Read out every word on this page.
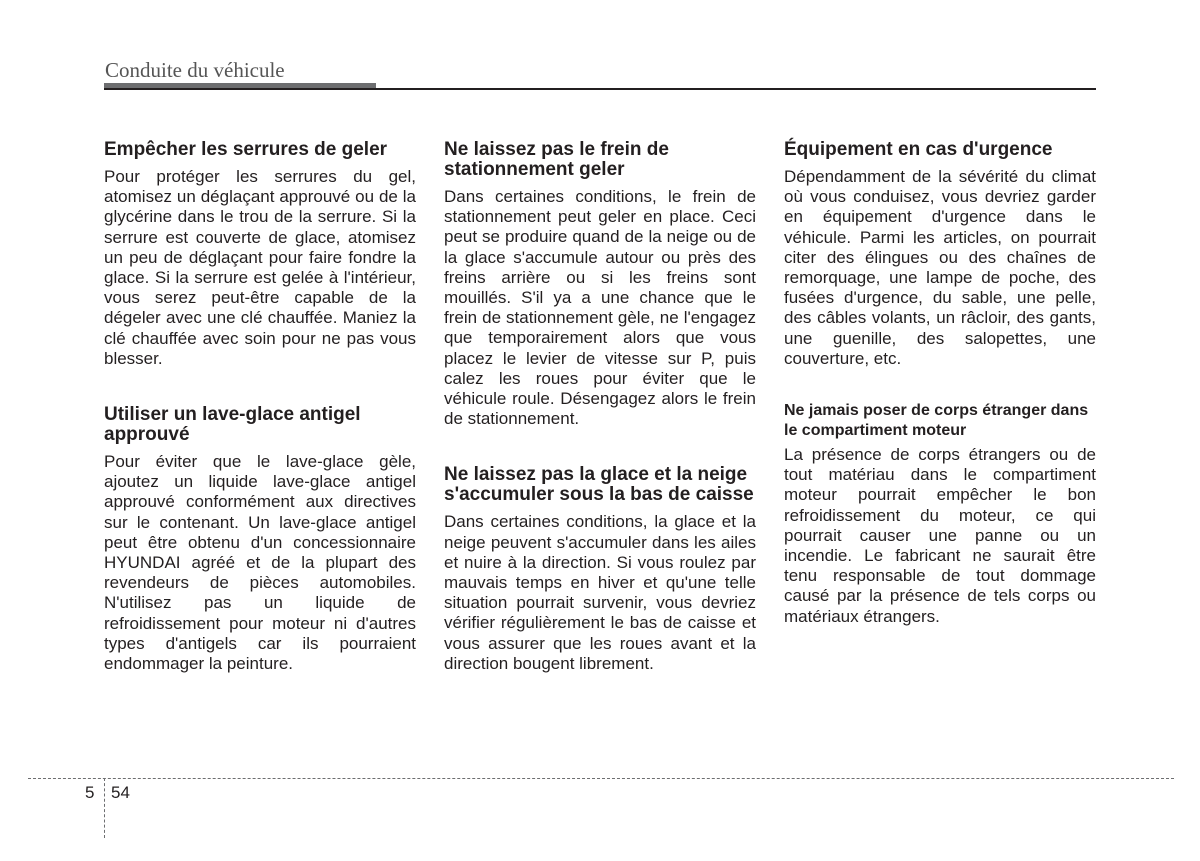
Conduite du véhicule
Empêcher les serrures de geler

Pour protéger les serrures du gel, atomisez un déglaçant approuvé ou de la glycérine dans le trou de la serrure. Si la serrure est couverte de glace, atomisez un peu de déglaçant pour faire fondre la glace. Si la serrure est gelée à l'intérieur, vous serez peut-être capable de la dégeler avec une clé chauffée. Maniez la clé chauffée avec soin pour ne pas vous blesser.

Utiliser un lave-glace antigel approuvé

Pour éviter que le lave-glace gèle, ajoutez un liquide lave-glace antigel approuvé conformément aux directives sur le contenant. Un lave-glace antigel peut être obtenu d'un concessionnaire HYUNDAI agréé et de la plupart des revendeurs de pièces automobiles. N'utilisez pas un liquide de refroidissement pour moteur ni d'autres types d'antigels car ils pourraient endommager la peinture.

Ne laissez pas le frein de stationnement geler

Dans certaines conditions, le frein de stationnement peut geler en place. Ceci peut se produire quand de la neige ou de la glace s'accumule autour ou près des freins arrière ou si les freins sont mouillés. S'il ya a une chance que le frein de stationnement gèle, ne l'engagez que temporairement alors que vous placez le levier de vitesse sur P, puis calez les roues pour éviter que le véhicule roule. Désengagez alors le frein de stationnement.

Ne laissez pas la glace et la neige s'accumuler sous la bas de caisse

Dans certaines conditions, la glace et la neige peuvent s'accumuler dans les ailes et nuire à la direction. Si vous roulez par mauvais temps en hiver et qu'une telle situation pourrait survenir, vous devriez vérifier régulièrement le bas de caisse et vous assurer que les roues avant et la direction bougent librement.

Équipement en cas d'urgence

Dépendamment de la sévérité du climat où vous conduisez, vous devriez garder en équipement d'urgence dans le véhicule. Parmi les articles, on pourrait citer des élingues ou des chaînes de remorquage, une lampe de poche, des fusées d'urgence, du sable, une pelle, des câbles volants, un râcloir, des gants, une guenille, des salopettes, une couverture, etc.

Ne jamais poser de corps étranger dans le compartiment moteur

La présence de corps étrangers ou de tout matériau dans le compartiment moteur pourrait empêcher le bon refroidissement du moteur, ce qui pourrait causer une panne ou un incendie. Le fabricant ne saurait être tenu responsable de tout dommage causé par la présence de tels corps ou matériaux étrangers.

5 54
